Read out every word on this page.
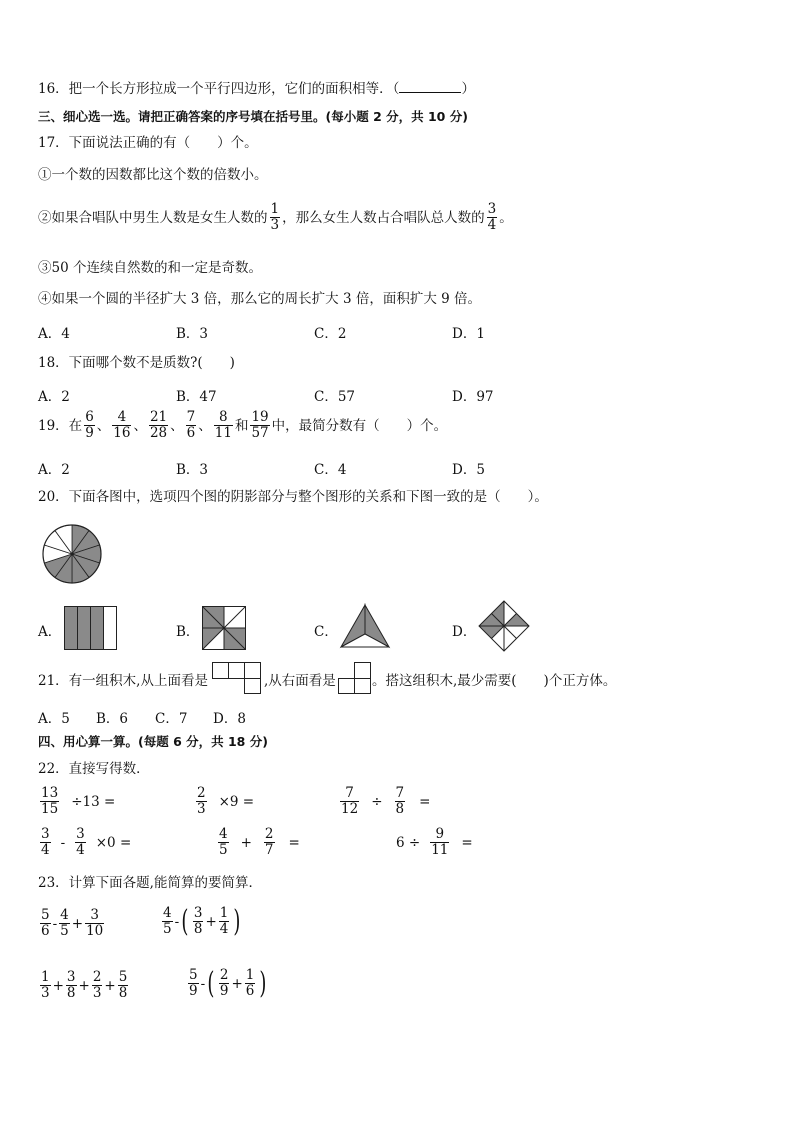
16．把一个长方形拉成一个平行四边形，它们的面积相等．（	）
三、细心选一选。请把正确答案的序号填在括号里。(每小题 2 分，共 10 分)
17．下面说法正确的有（　　）个。
①一个数的因数都比这个数的倍数小。
②如果合唱队中男生人数是女生人数的 $\frac{1}{3}$ ，那么女生人数占合唱队总人数的 $\frac{3}{4}$ 。
③50 个连续自然数的和一定是奇数。
④如果一个圆的半径扩大 3 倍，那么它的周长扩大 3 倍，面积扩大 9 倍。
A．4	B．3	C．2	D．1
18．下面哪个数不是质数?(　　)
A．2	B．47	C．57	D．97
19．在 $\frac{6}{9}$ 、 $\frac{4}{16}$ 、 $\frac{21}{28}$ 、 $\frac{7}{6}$ 、 $\frac{8}{11}$ 和 $\frac{19}{57}$ 中，最简分数有（　　）个。
A．2	B．3	C．4	D．5
20．下面各图中，选项四个图的阴影部分与整个图形的关系和下图一致的是（　　）。
A．	B．	C．	D．
21．有一组积木,从上面看是	,从右面看是	。搭这组积木,最少需要(　　)个正方体。
A．5 B．6 C．7 D．8
四、用心算一算。(每题 6 分，共 18 分)
22．直接写得数．
$\frac{13}{15} \div 13$ =	$\frac{2}{3} \times 9$ =	$\frac{7}{12} \div \frac{7}{8}$ =
$\frac{3}{4} - \frac{3}{4} \times 0$ =	$\frac{4}{5} + \frac{2}{7}$ =	$6 \div \frac{9}{11}$ =
23．计算下面各题,能简算的要简算．
$\frac{5}{6} - \frac{4}{5} + \frac{3}{10}$	$\frac{4}{5}$ - ( $\frac{3}{8} + \frac{1}{4}$ )
$\frac{1}{3} + \frac{3}{8} + \frac{2}{3} + \frac{5}{8}$	$\frac{5}{9}$ - ( $\frac{2}{9} + \frac{1}{6}$ )
